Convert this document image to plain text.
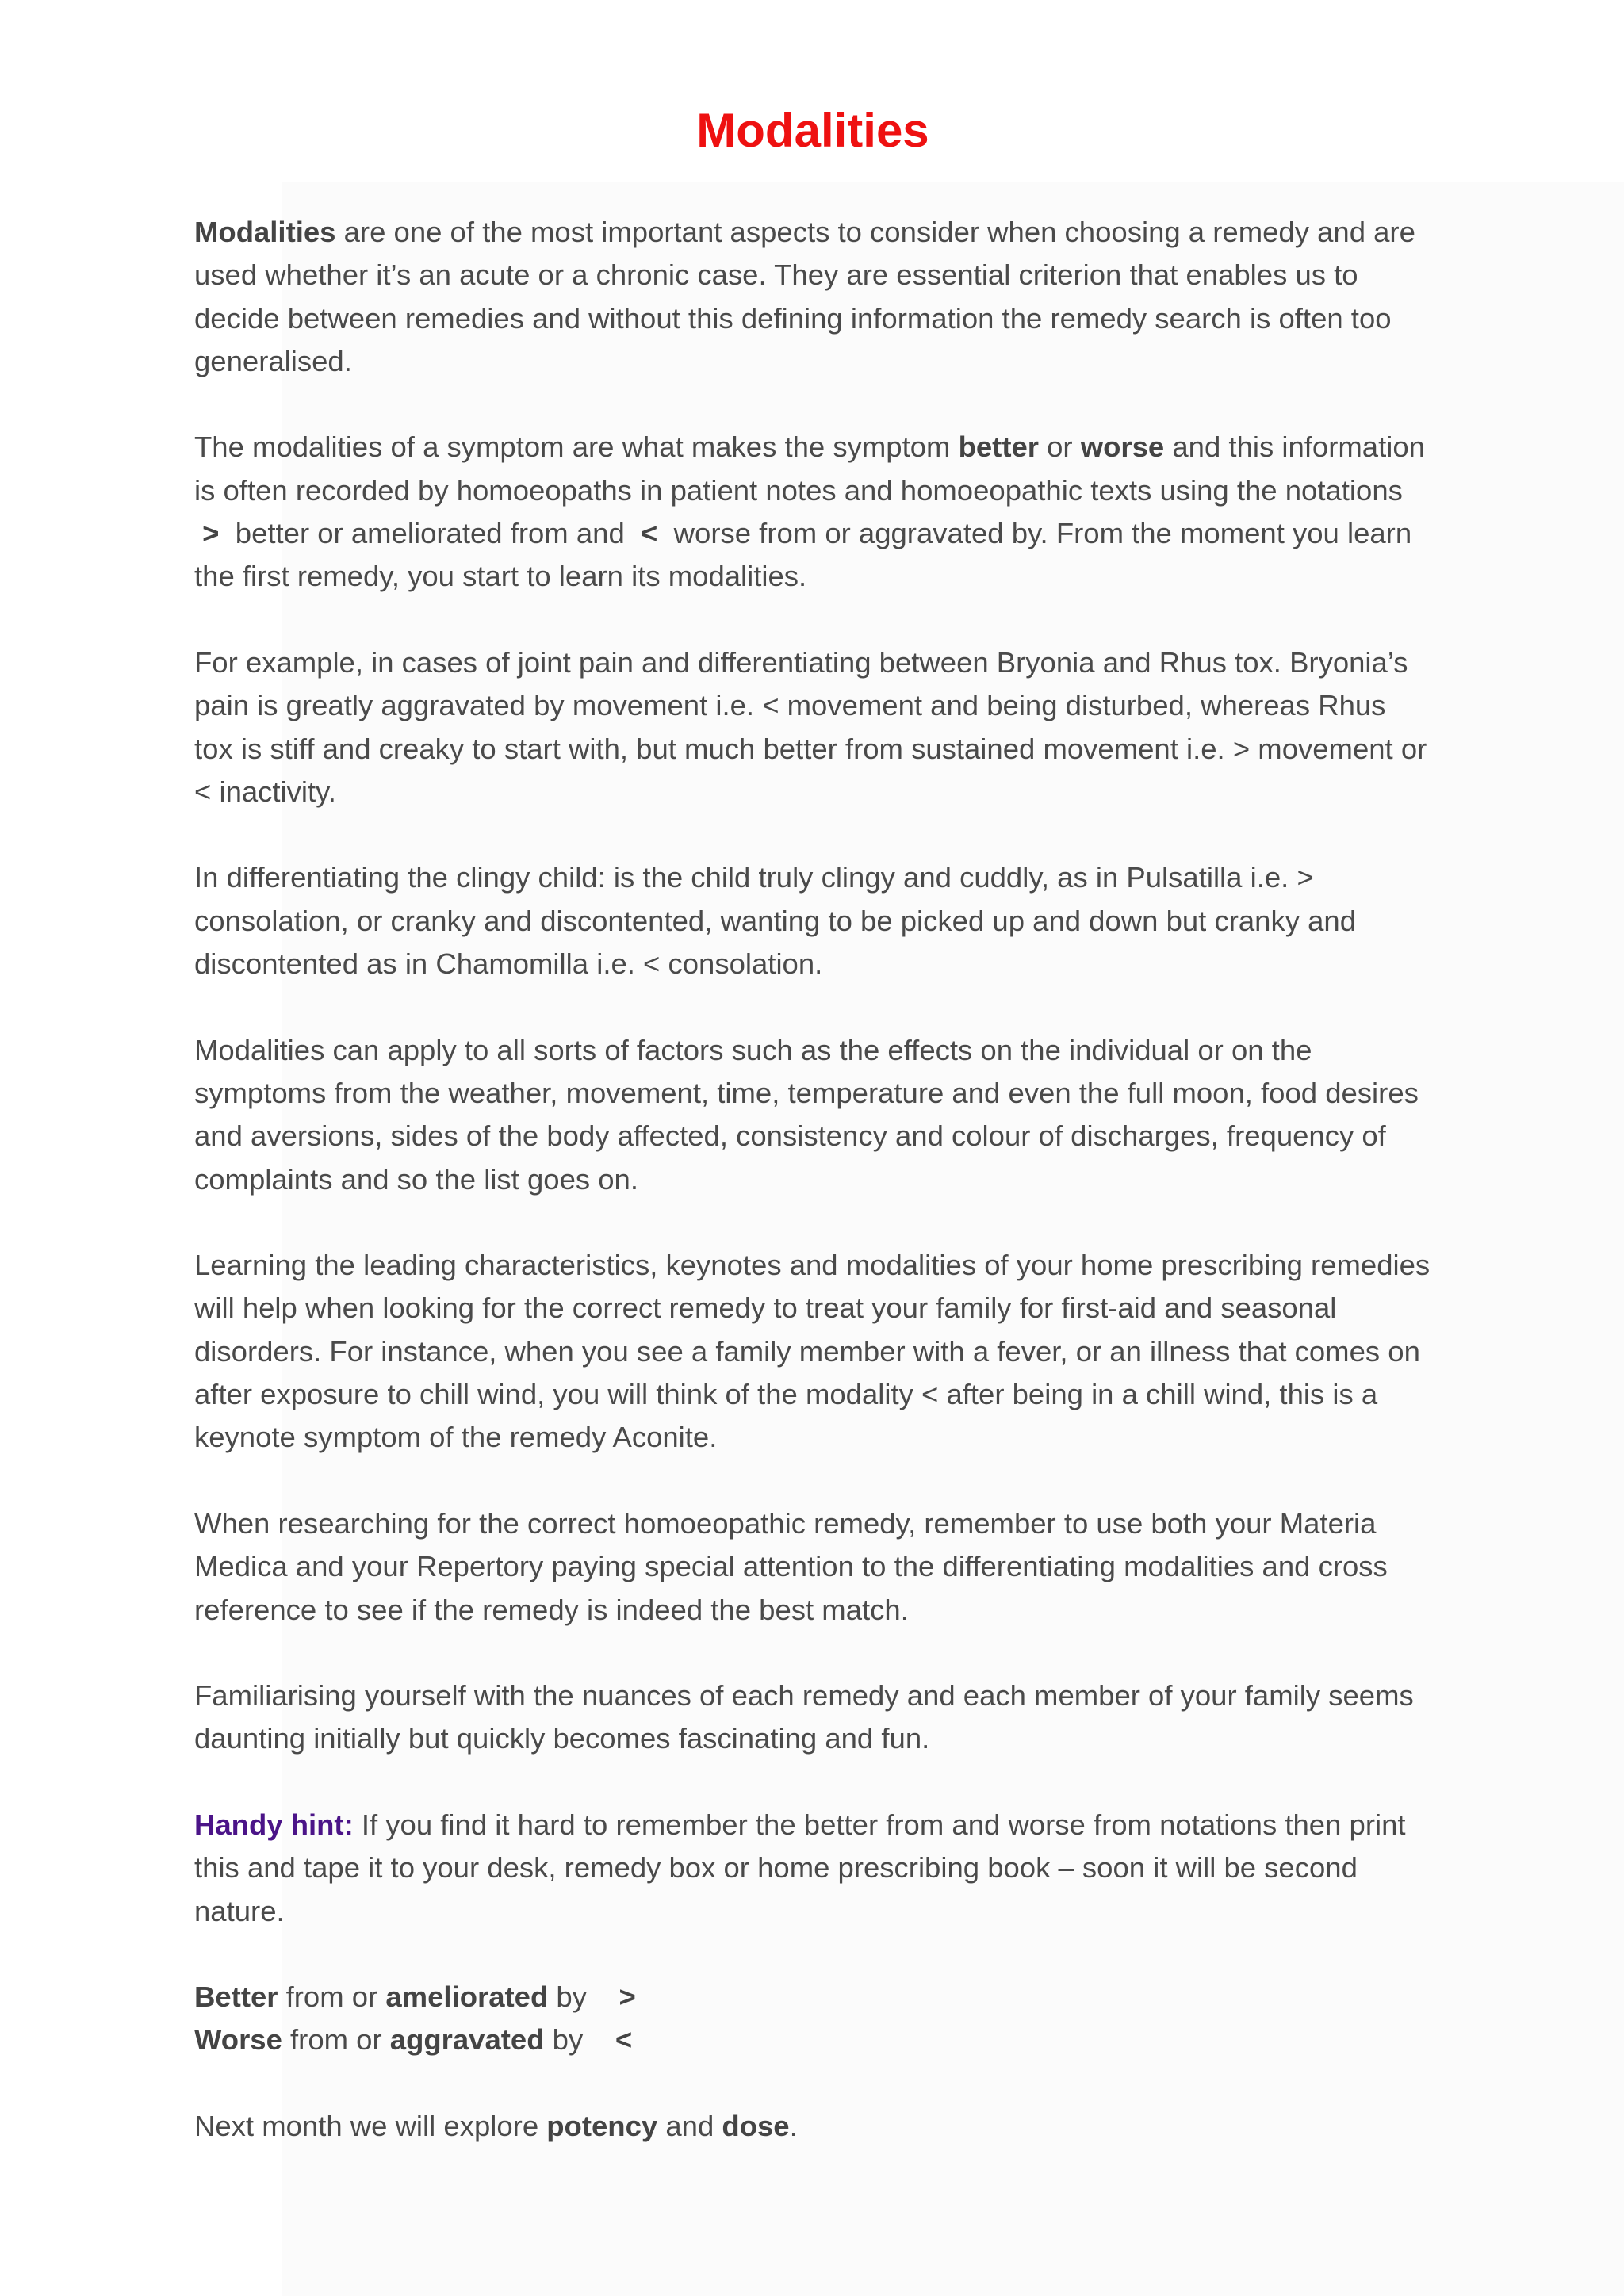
Modalities

Modalities are one of the most important aspects to consider when choosing a remedy and are used whether it’s an acute or a chronic case. They are essential criterion that enables us to decide between remedies and without this defining information the remedy search is often too generalised.

The modalities of a symptom are what makes the symptom better or worse and this information is often recorded by homoeopaths in patient notes and homoeopathic texts using the notations  >  better or ameliorated from and  <  worse from or aggravated by. From the moment you learn the first remedy, you start to learn its modalities.

For example, in cases of joint pain and differentiating between Bryonia and Rhus tox. Bryonia’s pain is greatly aggravated by movement i.e. < movement and being disturbed, whereas Rhus tox is stiff and creaky to start with, but much better from sustained movement i.e. > movement or < inactivity.

In differentiating the clingy child: is the child truly clingy and cuddly, as in Pulsatilla i.e. > consolation, or cranky and discontented, wanting to be picked up and down but cranky and discontented as in Chamomilla i.e. < consolation.

Modalities can apply to all sorts of factors such as the effects on the individual or on the symptoms from the weather, movement, time, temperature and even the full moon, food desires and aversions, sides of the body affected, consistency and colour of discharges, frequency of complaints and so the list goes on.

Learning the leading characteristics, keynotes and modalities of your home prescribing remedies will help when looking for the correct remedy to treat your family for first-aid and seasonal disorders. For instance, when you see a family member with a fever, or an illness that comes on after exposure to chill wind, you will think of the modality < after being in a chill wind, this is a keynote symptom of the remedy Aconite.

When researching for the correct homoeopathic remedy, remember to use both your Materia Medica and your Repertory paying special attention to the differentiating modalities and cross reference to see if the remedy is indeed the best match.

Familiarising yourself with the nuances of each remedy and each member of your family seems daunting initially but quickly becomes fascinating and fun.

Handy hint: If you find it hard to remember the better from and worse from notations then print this and tape it to your desk, remedy box or home prescribing book – soon it will be second nature.

Better from or ameliorated by >

Worse from or aggravated by <

Next month we will explore potency and dose.
